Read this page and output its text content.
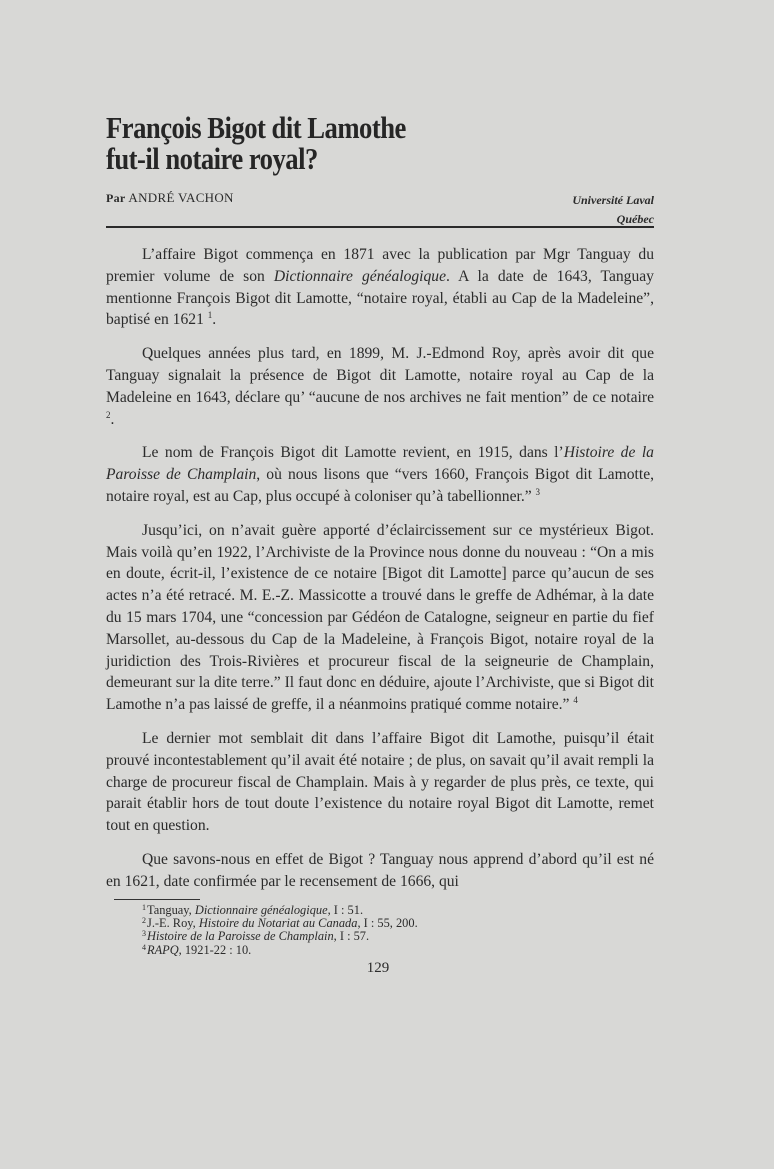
François Bigot dit Lamothe
fut-il notaire royal?
Par ANDRÉ VACHON	Université Laval
Québec

L’affaire Bigot commença en 1871 avec la publication par Mgr Tanguay du premier volume de son Dictionnaire généalogique. A la date de 1643, Tanguay mentionne François Bigot dit Lamotte, “notaire royal, établi au Cap de la Madeleine”, baptisé en 1621 $^1$.

Quelques années plus tard, en 1899, M. J.-Edmond Roy, après avoir dit que Tanguay signalait la présence de Bigot dit Lamotte, notaire royal au Cap de la Madeleine en 1643, déclare qu’ “aucune de nos archives ne fait mention” de ce notaire $^2$.

Le nom de François Bigot dit Lamotte revient, en 1915, dans l’Histoire de la Paroisse de Champlain, où nous lisons que “vers 1660, François Bigot dit Lamotte, notaire royal, est au Cap, plus occupé à coloniser qu’à tabellionner.” $^3$

Jusqu’ici, on n’avait guère apporté d’éclaircissement sur ce mystérieux Bigot. Mais voilà qu’en 1922, l’Archiviste de la Province nous donne du nouveau : “On a mis en doute, écrit-il, l’existence de ce notaire [Bigot dit Lamotte] parce qu’aucun de ses actes n’a été retracé. M. E.-Z. Massicotte a trouvé dans le greffe de Adhémar, à la date du 15 mars 1704, une “concession par Gédéon de Catalogne, seigneur en partie du fief Marsollet, au-dessous du Cap de la Madeleine, à François Bigot, notaire royal de la juridiction des Trois-Rivières et procureur fiscal de la seigneurie de Champlain, demeurant sur la dite terre.” Il faut donc en déduire, ajoute l’Archiviste, que si Bigot dit Lamothe n’a pas laissé de greffe, il a néanmoins pratiqué comme notaire.” $^4$

Le dernier mot semblait dit dans l’affaire Bigot dit Lamothe, puisqu’il était prouvé incontestablement qu’il avait été notaire ; de plus, on savait qu’il avait rempli la charge de procureur fiscal de Champlain. Mais à y regarder de plus près, ce texte, qui parait établir hors de tout doute l’existence du notaire royal Bigot dit Lamotte, remet tout en question.

Que savons-nous en effet de Bigot ? Tanguay nous apprend d’abord qu’il est né en 1621, date confirmée par le recensement de 1666, qui

$^1$Tanguay, Dictionnaire généalogique, I : 51.
$^2$J.-E. Roy, Histoire du Notariat au Canada, I : 55, 200.
$^3$Histoire de la Paroisse de Champlain, I : 57.
$^4$RAPQ, 1921-22 : 10.
129
